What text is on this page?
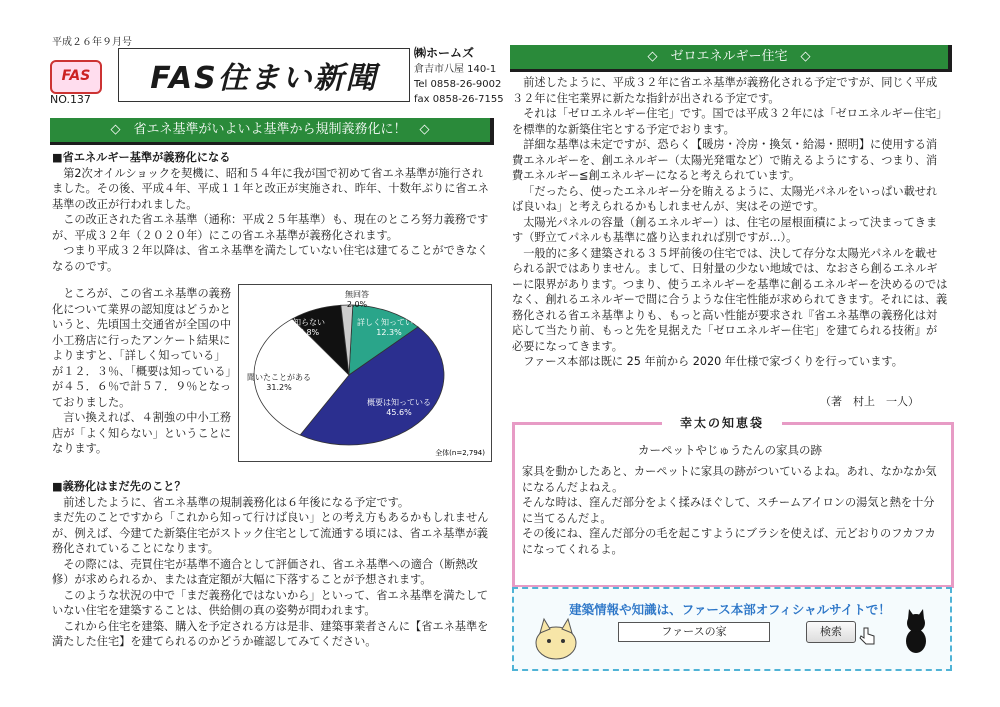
平成２６年９月号
FAS
NO.137
FAS住まい新聞
㈱ホームズ
倉吉市八屋 140-1
Tel 0858-26-9002
fax 0858-26-7155
◇　省エネ基準がいよいよ基準から規制義務化に！　◇
■省エネルギー基準が義務化になる
第2次オイルショックを契機に、昭和５４年に我が国で初めて省エネ基準が施行されました。その後、平成４年、平成１１年と改正が実施され、昨年、十数年ぶりに省エネ基準の改正が行われました。
この改正された省エネ基準（通称：平成２５年基準）も、現在のところ努力義務ですが、平成３２年（２０２０年）にこの省エネ基準が義務化されます。
つまり平成３２年以降は、省エネ基準を満たしていない住宅は建てることができなくなるのです。
ところが、この省エネ基準の義務化について業界の認知度はどうかというと、先頃国土交通省が全国の中小工務店に行ったアンケート結果によりますと、「詳しく知っている」が１２．３％、「概要は知っている」が４５．６％で計５７．９％となっておりました。
言い換えれば、４割強の中小工務店が「よく知らない」ということになります。
詳しく知っている
12.3%
概要は知っている
45.6%
聞いたことがある
31.2%
知らない
8.8%
無回答
2.0%
全体(n=2,794)
■義務化はまだ先のこと？
前述したように、省エネ基準の規制義務化は６年後になる予定です。
まだ先のことですから「これから知って行けば良い」との考え方もあるかもしれませんが、例えば、今建てた新築住宅がストック住宅として流通する頃には、省エネ基準が義務化されていることになります。
その際には、売買住宅が基準不適合として評価され、省エネ基準への適合（断熱改修）が求められるか、または査定額が大幅に下落することが予想されます。
このような状況の中で「まだ義務化ではないから」といって、省エネ基準を満たしていない住宅を建築することは、供給側の真の姿勢が問われます。
これから住宅を建築、購入を予定される方は是非、建築事業者さんに【省エネ基準を満たした住宅】を建てられるのかどうか確認してみてください。
◇　ゼロエネルギー住宅　◇
前述したように、平成３２年に省エネ基準が義務化される予定ですが、同じく平成３２年に住宅業界に新たな指針が出される予定です。
それは「ゼロエネルギー住宅」です。国では平成３２年には「ゼロエネルギー住宅」を標準的な新築住宅とする予定でおります。
詳細な基準は未定ですが、恐らく【暖房・冷房・換気・給湯・照明】に使用する消費エネルギーを、創エネルギー（太陽光発電など）で賄えるようにする、つまり、消費エネルギー≦創エネルギーになると考えられています。
「だったら、使ったエネルギー分を賄えるように、太陽光パネルをいっぱい載せれば良いね」と考えられるかもしれませんが、実はその逆です。
太陽光パネルの容量（創るエネルギー）は、住宅の屋根面積によって決まってきます（野立てパネルも基準に盛り込まれれば別ですが…）。
一般的に多く建築される３５坪前後の住宅では、決して存分な太陽光パネルを載せられる訳ではありません。まして、日射量の少ない地域では、なおさら創るエネルギーに限界があります。つまり、使うエネルギーを基準に創るエネルギーを決めるのではなく、創れるエネルギーで間に合うような住宅性能が求められてきます。それには、義務化される省エネ基準よりも、もっと高い性能が要求され『省エネ基準の義務化は対応して当たり前、もっと先を見据えた「ゼロエネルギー住宅」を建てられる技術』が必要になってきます。
ファース本部は既に 25 年前から 2020 年仕様で家づくりを行っています。
（著　村上　一人）
幸太の知恵袋
カーペットやじゅうたんの家具の跡
家具を動かしたあと、カーペットに家具の跡がついているよね。あれ、なかなか気になるんだよねえ。
そんな時は、窪んだ部分をよく揉みほぐして、スチームアイロンの湯気と熱を十分に当てるんだよ。
その後にね、窪んだ部分の毛を起こすようにブラシを使えば、元どおりのフカフカになってくれるよ。
建築情報や知識は、ファース本部オフィシャルサイトで！
ファースの家	検索
